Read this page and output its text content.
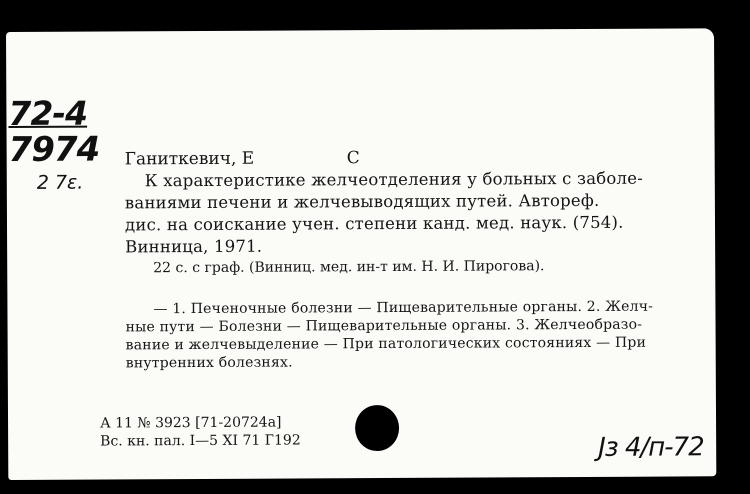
72-4
7974
2 7ε.
Ганиткевич, Е	С
К характеристике желчеотделения у больных с заболе-
ваниями печени и желчевыводящих путей. Автореф.
дис. на соискание учен. степени канд. мед. наук. (754).
Винница, 1971.
22 с. с граф. (Винниц. мед. ин-т им. Н. И. Пирогова).
— 1. Печеночные болезни — Пищеварительные органы. 2. Желч-
ные пути — Болезни — Пищеварительные органы. 3. Желчеобразо-
вание и желчевыделение — При патологических состояниях — При
внутренних болезнях.
А 11 № 3923 [71-20724а]
Вс. кн. пал. I—5 XI 71 Г192	Јз 4/п-72
